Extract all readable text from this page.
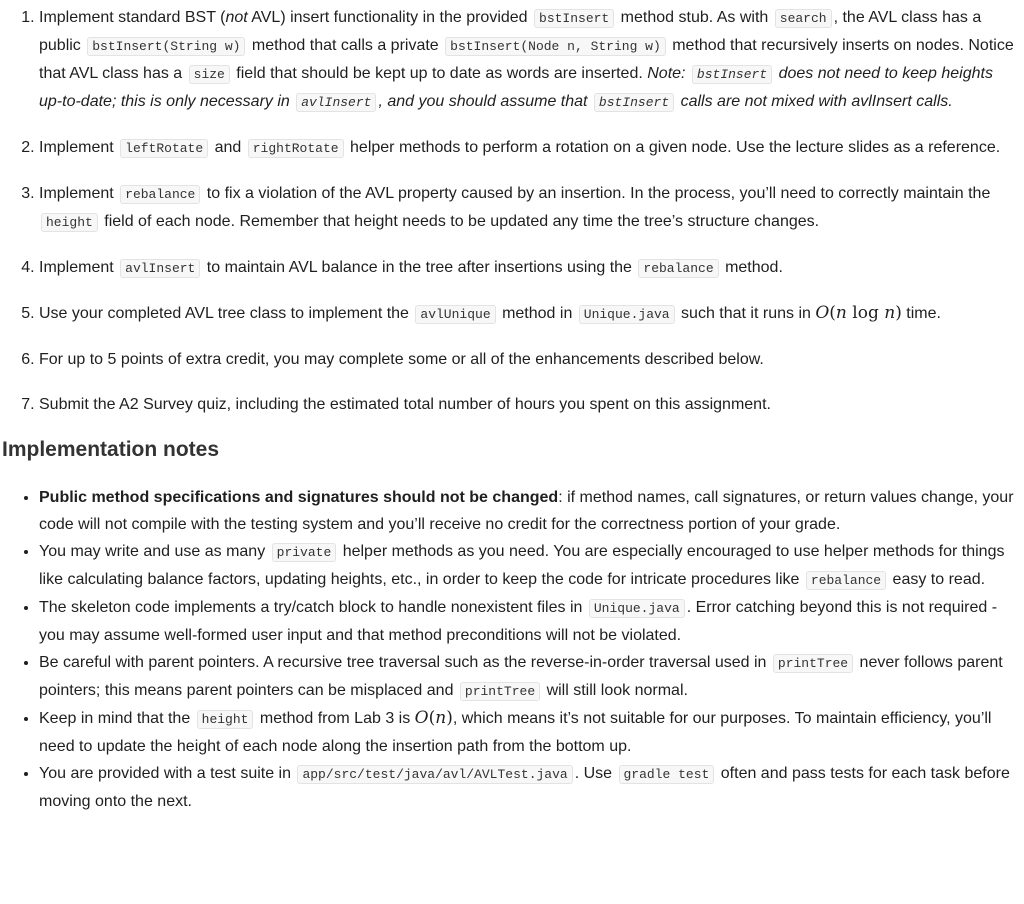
1. Implement standard BST (not AVL) insert functionality in the provided bstInsert method stub. As with search , the AVL class has a public bstInsert(String w) method that calls a private bstInsert(Node n, String w) method that recursively inserts on nodes. Notice that AVL class has a size field that should be kept up to date as words are inserted. Note: bstInsert does not need to keep heights up-to-date; this is only necessary in avlInsert , and you should assume that bstInsert calls are not mixed with avlInsert calls.
2. Implement leftRotate and rightRotate helper methods to perform a rotation on a given node. Use the lecture slides as a reference.
3. Implement rebalance to fix a violation of the AVL property caused by an insertion. In the process, you’ll need to correctly maintain the height field of each node. Remember that height needs to be updated any time the tree’s structure changes.
4. Implement avlInsert to maintain AVL balance in the tree after insertions using the rebalance method.
5. Use your completed AVL tree class to implement the avlUnique method in Unique.java such that it runs in O(n log n) time.
6. For up to 5 points of extra credit, you may complete some or all of the enhancements described below.
7. Submit the A2 Survey quiz, including the estimated total number of hours you spent on this assignment.
Implementation notes
• Public method specifications and signatures should not be changed: if method names, call signatures, or return values change, your code will not compile with the testing system and you’ll receive no credit for the correctness portion of your grade.
• You may write and use as many private helper methods as you need. You are especially encouraged to use helper methods for things like calculating balance factors, updating heights, etc., in order to keep the code for intricate procedures like rebalance easy to read.
• The skeleton code implements a try/catch block to handle nonexistent files in Unique.java . Error catching beyond this is not required - you may assume well-formed user input and that method preconditions will not be violated.
• Be careful with parent pointers. A recursive tree traversal such as the reverse-in-order traversal used in printTree never follows parent pointers; this means parent pointers can be misplaced and printTree will still look normal.
• Keep in mind that the height method from Lab 3 is O(n), which means it’s not suitable for our purposes. To maintain efficiency, you’ll need to update the height of each node along the insertion path from the bottom up.
• You are provided with a test suite in app/src/test/java/avl/AVLTest.java . Use gradle test often and pass tests for each task before moving onto the next.
